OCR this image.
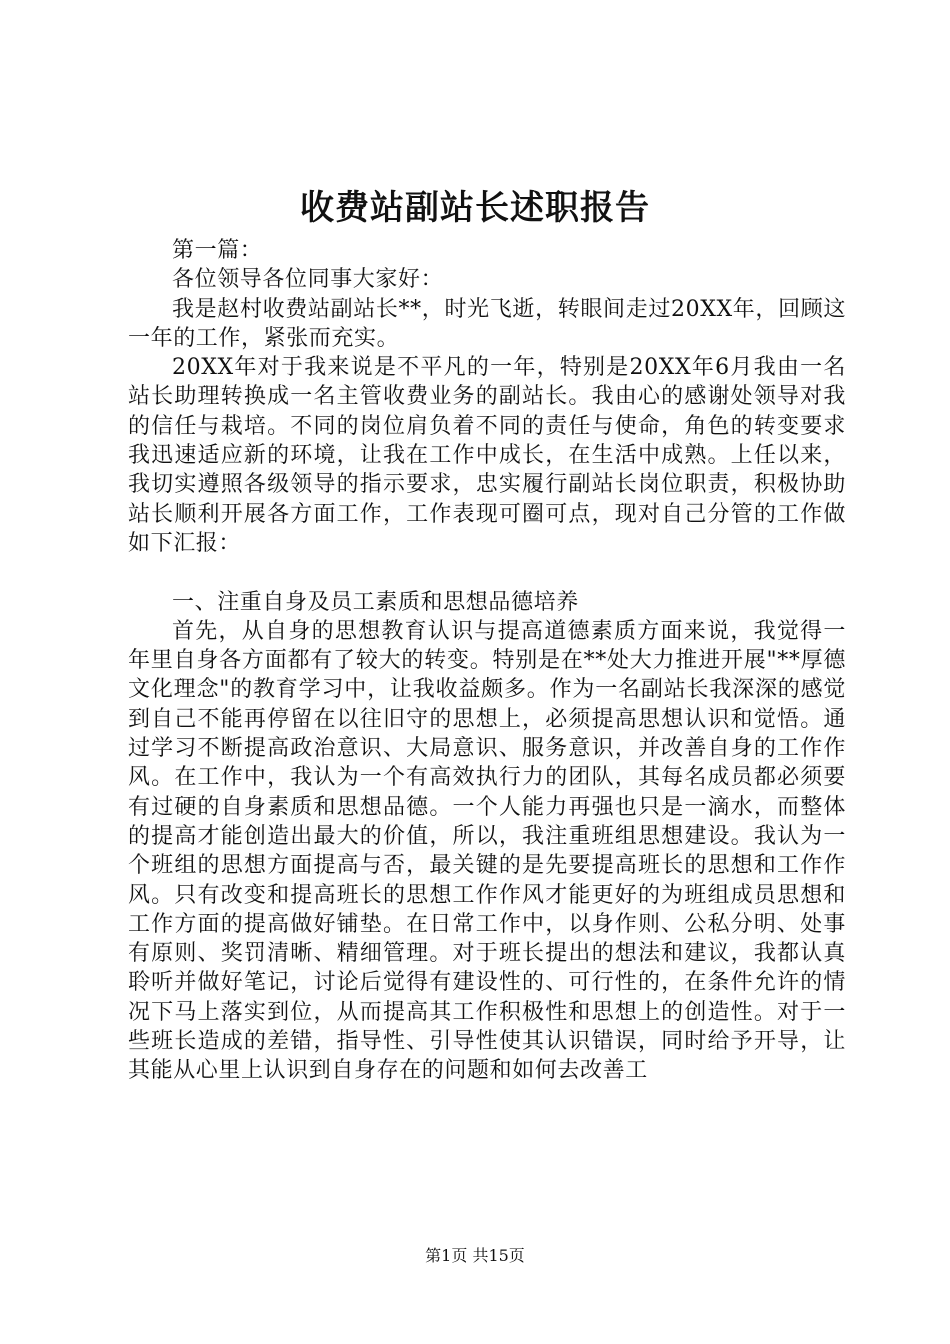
收费站副站长述职报告

第一篇：

各位领导各位同事大家好：

我是赵村收费站副站长**，时光飞逝，转眼间走过20XX年，回顾这一年的工作，紧张而充实。

20XX年对于我来说是不平凡的一年，特别是20XX年6月我由一名站长助理转换成一名主管收费业务的副站长。我由心的感谢处领导对我的信任与栽培。不同的岗位肩负着不同的责任与使命，角色的转变要求我迅速适应新的环境，让我在工作中成长，在生活中成熟。上任以来，我切实遵照各级领导的指示要求，忠实履行副站长岗位职责，积极协助站长顺利开展各方面工作，工作表现可圈可点，现对自己分管的工作做如下汇报：

一、注重自身及员工素质和思想品德培养

首先，从自身的思想教育认识与提高道德素质方面来说，我觉得一年里自身各方面都有了较大的转变。特别是在**处大力推进开展"**厚德文化理念"的教育学习中，让我收益颇多。作为一名副站长我深深的感觉到自己不能再停留在以往旧守的思想上，必须提高思想认识和觉悟。通过学习不断提高政治意识、大局意识、服务意识，并改善自身的工作作风。在工作中，我认为一个有高效执行力的团队，其每名成员都必须要有过硬的自身素质和思想品德。一个人能力再强也只是一滴水，而整体的提高才能创造出最大的价值，所以，我注重班组思想建设。我认为一个班组的思想方面提高与否，最关键的是先要提高班长的思想和工作作风。只有改变和提高班长的思想工作作风才能更好的为班组成员思想和工作方面的提高做好铺垫。在日常工作中，以身作则、公私分明、处事有原则、奖罚清晰、精细管理。对于班长提出的想法和建议，我都认真聆听并做好笔记，讨论后觉得有建设性的、可行性的，在条件允许的情况下马上落实到位，从而提高其工作积极性和思想上的创造性。对于一些班长造成的差错，指导性、引导性使其认识错误，同时给予开导，让其能从心里上认识到自身存在的问题和如何去改善工

第1页 共15页
